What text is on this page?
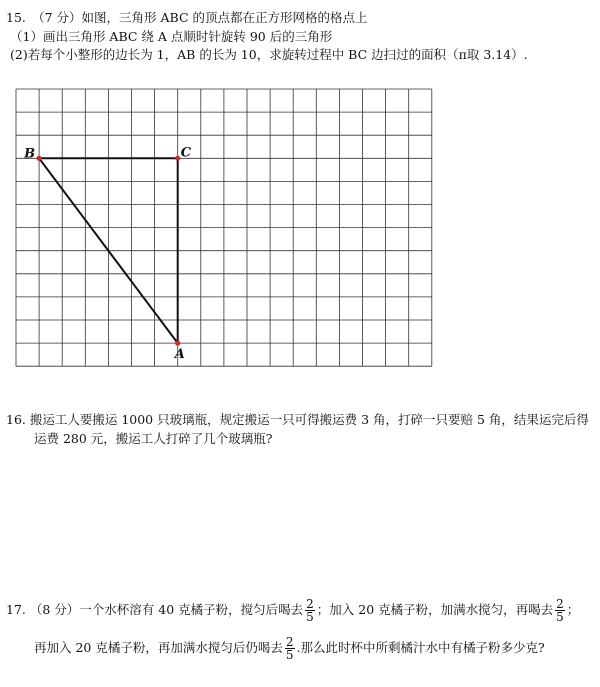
15.　（7 分）如图，三角形 ABC 的顶点都在正方形网格的格点上
（1）画出三角形 ABC 绕 A 点顺时针旋转 90 后的三角形
(2)若每个小整形的边长为 1，AB 的长为 10，求旋转过程中 BC 边扫过的面积（π取 3.14）.
B	C
A
16. 搬运工人要搬运 1000 只玻璃瓶，规定搬运一只可得搬运费 3 角，打碎一只要赔 5 角，结果运完后得
运费 280 元，搬运工人打碎了几个玻璃瓶?
17. （8 分）一个水杯溶有 40 克橘子粉，搅匀后喝去 $\frac{2}{5}$ ；加入 20 克橘子粉，加满水搅匀，再喝去 $\frac{2}{5}$ ；
再加入 20 克橘子粉，再加满水搅匀后仍喝去 $\frac{2}{5}$ .那么此时杯中所剩橘汁水中有橘子粉多少克?
